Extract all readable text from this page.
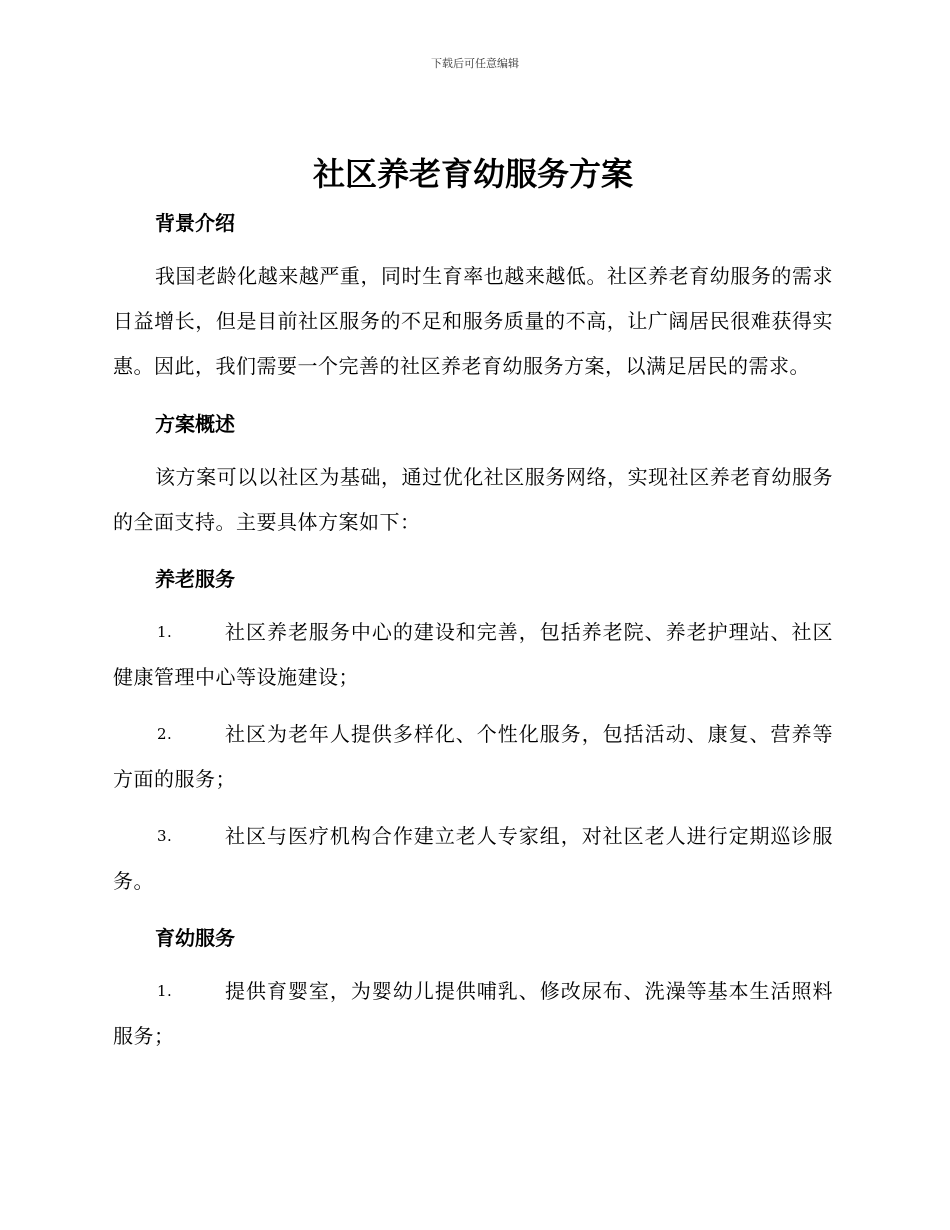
下载后可任意编辑
社区养老育幼服务方案
背景介绍

我国老龄化越来越严重，同时生育率也越来越低。社区养老育幼服务的需求日益增长，但是目前社区服务的不足和服务质量的不高，让广阔居民很难获得实惠。因此，我们需要一个完善的社区养老育幼服务方案，以满足居民的需求。

方案概述

该方案可以以社区为基础，通过优化社区服务网络，实现社区养老育幼服务的全面支持。主要具体方案如下：

养老服务

1.	社区养老服务中心的建设和完善，包括养老院、养老护理站、社区健康管理中心等设施建设；

2.	社区为老年人提供多样化、个性化服务，包括活动、康复、营养等方面的服务；

3.	社区与医疗机构合作建立老人专家组，对社区老人进行定期巡诊服务。

育幼服务

1.	提供育婴室，为婴幼儿提供哺乳、修改尿布、洗澡等基本生活照料服务；
